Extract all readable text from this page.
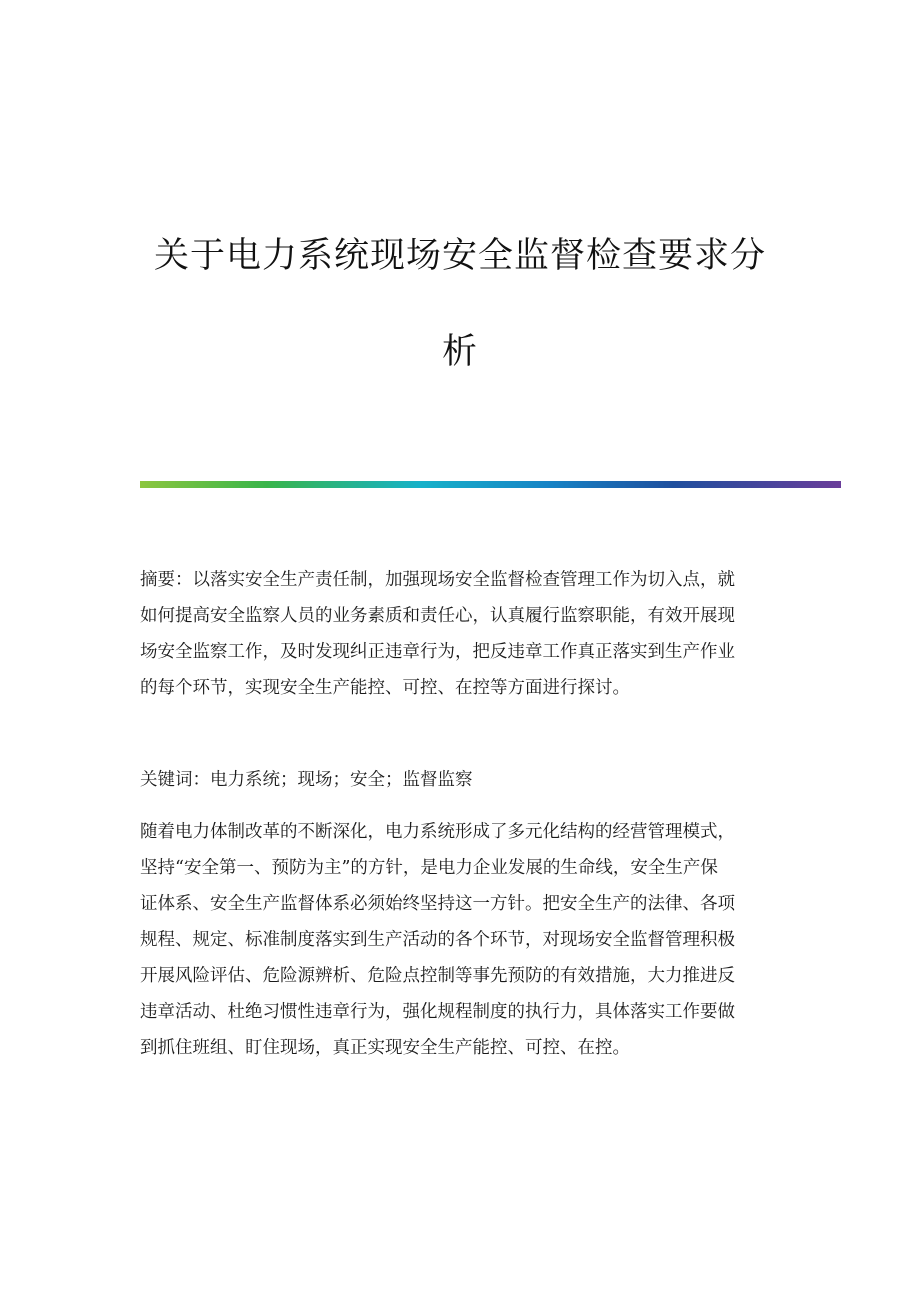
关于电力系统现场安全监督检查要求分
析
摘要：以落实安全生产责任制，加强现场安全监督检查管理工作为切入点，就
如何提高安全监察人员的业务素质和责任心，认真履行监察职能，有效开展现
场安全监察工作，及时发现纠正违章行为，把反违章工作真正落实到生产作业
的每个环节，实现安全生产能控、可控、在控等方面进行探讨。
关键词：电力系统；现场；安全；监督监察
随着电力体制改革的不断深化，电力系统形成了多元化结构的经营管理模式，
坚持“安全第一、预防为主”的方针，是电力企业发展的生命线，安全生产保
证体系、安全生产监督体系必须始终坚持这一方针。把安全生产的法律、各项
规程、规定、标准制度落实到生产活动的各个环节，对现场安全监督管理积极
开展风险评估、危险源辨析、危险点控制等事先预防的有效措施，大力推进反
违章活动、杜绝习惯性违章行为，强化规程制度的执行力，具体落实工作要做
到抓住班组、盯住现场，真正实现安全生产能控、可控、在控。
